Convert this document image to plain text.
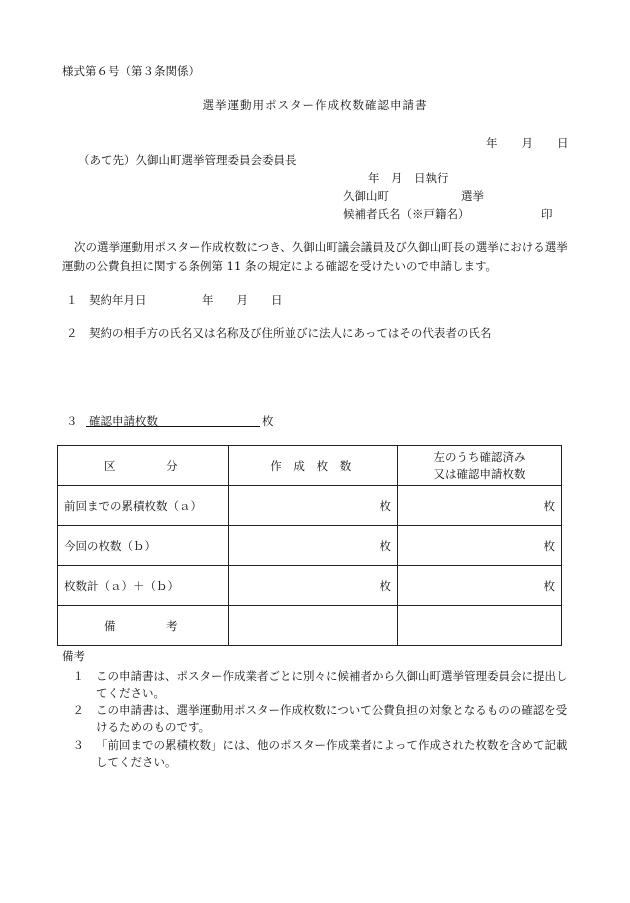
様式第６号（第３条関係）
選挙運動用ポスター作成枚数確認申請書
年 月 日
（あて先）久御山町選挙管理委員会委員長
年　月　日執行
久御山町	選挙
候補者氏名（※戸籍名）	印
次の選挙運動用ポスター作成枚数につき、久御山町議会議員及び久御山町長の選挙における選挙運動の公費負担に関する条例第 11 条の規定による確認を受けたいので申請します。
１　契約年月日	年　　月　　日
２　契約の相手方の氏名又は名称及び住所並びに法人にあってはその代表者の氏名
３　確認申請枚数	枚
区　　　分	作 成 枚 数	左のうち確認済み
又は確認申請枚数

前回までの累積枚数（ａ）	枚	枚
今回の枚数（ｂ）	枚	枚
枚数計（ａ）＋（ｂ）	枚	枚
備　　　考		
備考
１	この申請書は、ポスター作成業者ごとに別々に候補者から久御山町選挙管理委員会に提出してください。
２	この申請書は、選挙運動用ポスター作成枚数について公費負担の対象となるものの確認を受けるためのものです。
３	「前回までの累積枚数」には、他のポスター作成業者によって作成された枚数を含めて記載してください。
